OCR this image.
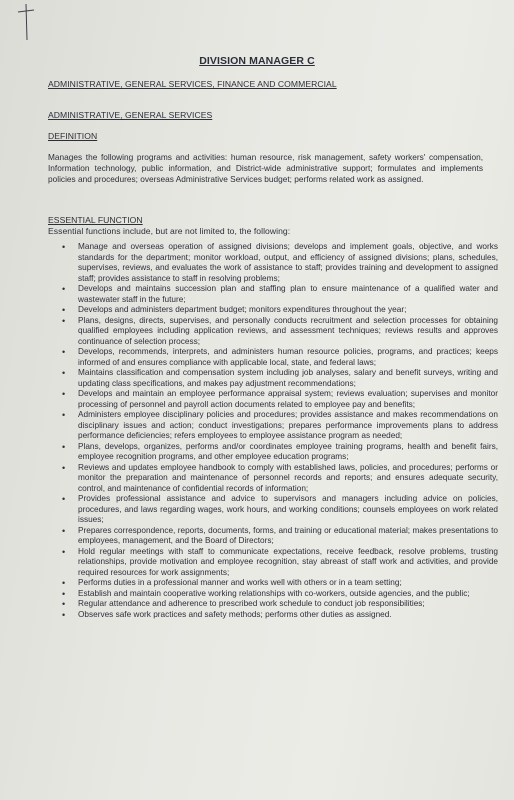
DIVISION MANAGER C
ADMINISTRATIVE, GENERAL SERVICES, FINANCE AND COMMERCIAL
ADMINISTRATIVE, GENERAL SERVICES
DEFINITION
Manages the following programs and activities: human resource, risk management, safety workers' compensation, Information technology, public information, and District-wide administrative support; formulates and implements policies and procedures; overseas Administrative Services budget; performs related work as assigned.
ESSENTIAL FUNCTION
Essential functions include, but are not limited to, the following:
• Manage and overseas operation of assigned divisions; develops and implement goals, objective, and works standards for the department; monitor workload, output, and efficiency of assigned divisions; plans, schedules, supervises, reviews, and evaluates the work of assistance to staff; provides training and development to assigned staff; provides assistance to staff in resolving problems;
• Develops and maintains succession plan and staffing plan to ensure maintenance of a qualified water and wastewater staff in the future;
• Develops and administers department budget; monitors expenditures throughout the year;
• Plans, designs, directs, supervises, and personally conducts recruitment and selection processes for obtaining qualified employees including application reviews, and assessment techniques; reviews results and approves continuance of selection process;
• Develops, recommends, interprets, and administers human resource policies, programs, and practices; keeps informed of and ensures compliance with applicable local, state, and federal laws;
• Maintains classification and compensation system including job analyses, salary and benefit surveys, writing and updating class specifications, and makes pay adjustment recommendations;
• Develops and maintain an employee performance appraisal system; reviews evaluation; supervises and monitor processing of personnel and payroll action documents related to employee pay and benefits;
• Administers employee disciplinary policies and procedures; provides assistance and makes recommendations on disciplinary issues and action; conduct investigations; prepares performance improvements plans to address performance deficiencies; refers employees to employee assistance program as needed;
• Plans, develops, organizes, performs and/or coordinates employee training programs, health and benefit fairs, employee recognition programs, and other employee education programs;
• Reviews and updates employee handbook to comply with established laws, policies, and procedures; performs or monitor the preparation and maintenance of personnel records and reports; and ensures adequate security, control, and maintenance of confidential records of information;
• Provides professional assistance and advice to supervisors and managers including advice on policies, procedures, and laws regarding wages, work hours, and working conditions; counsels employees on work related issues;
• Prepares correspondence, reports, documents, forms, and training or educational material; makes presentations to employees, management, and the Board of Directors;
• Hold regular meetings with staff to communicate expectations, receive feedback, resolve problems, trusting relationships, provide motivation and employee recognition, stay abreast of staff work and activities, and provide required resources for work assignments;
• Performs duties in a professional manner and works well with others or in a team setting;
• Establish and maintain cooperative working relationships with co-workers, outside agencies, and the public;
• Regular attendance and adherence to prescribed work schedule to conduct job responsibilities;
• Observes safe work practices and safety methods; performs other duties as assigned.
